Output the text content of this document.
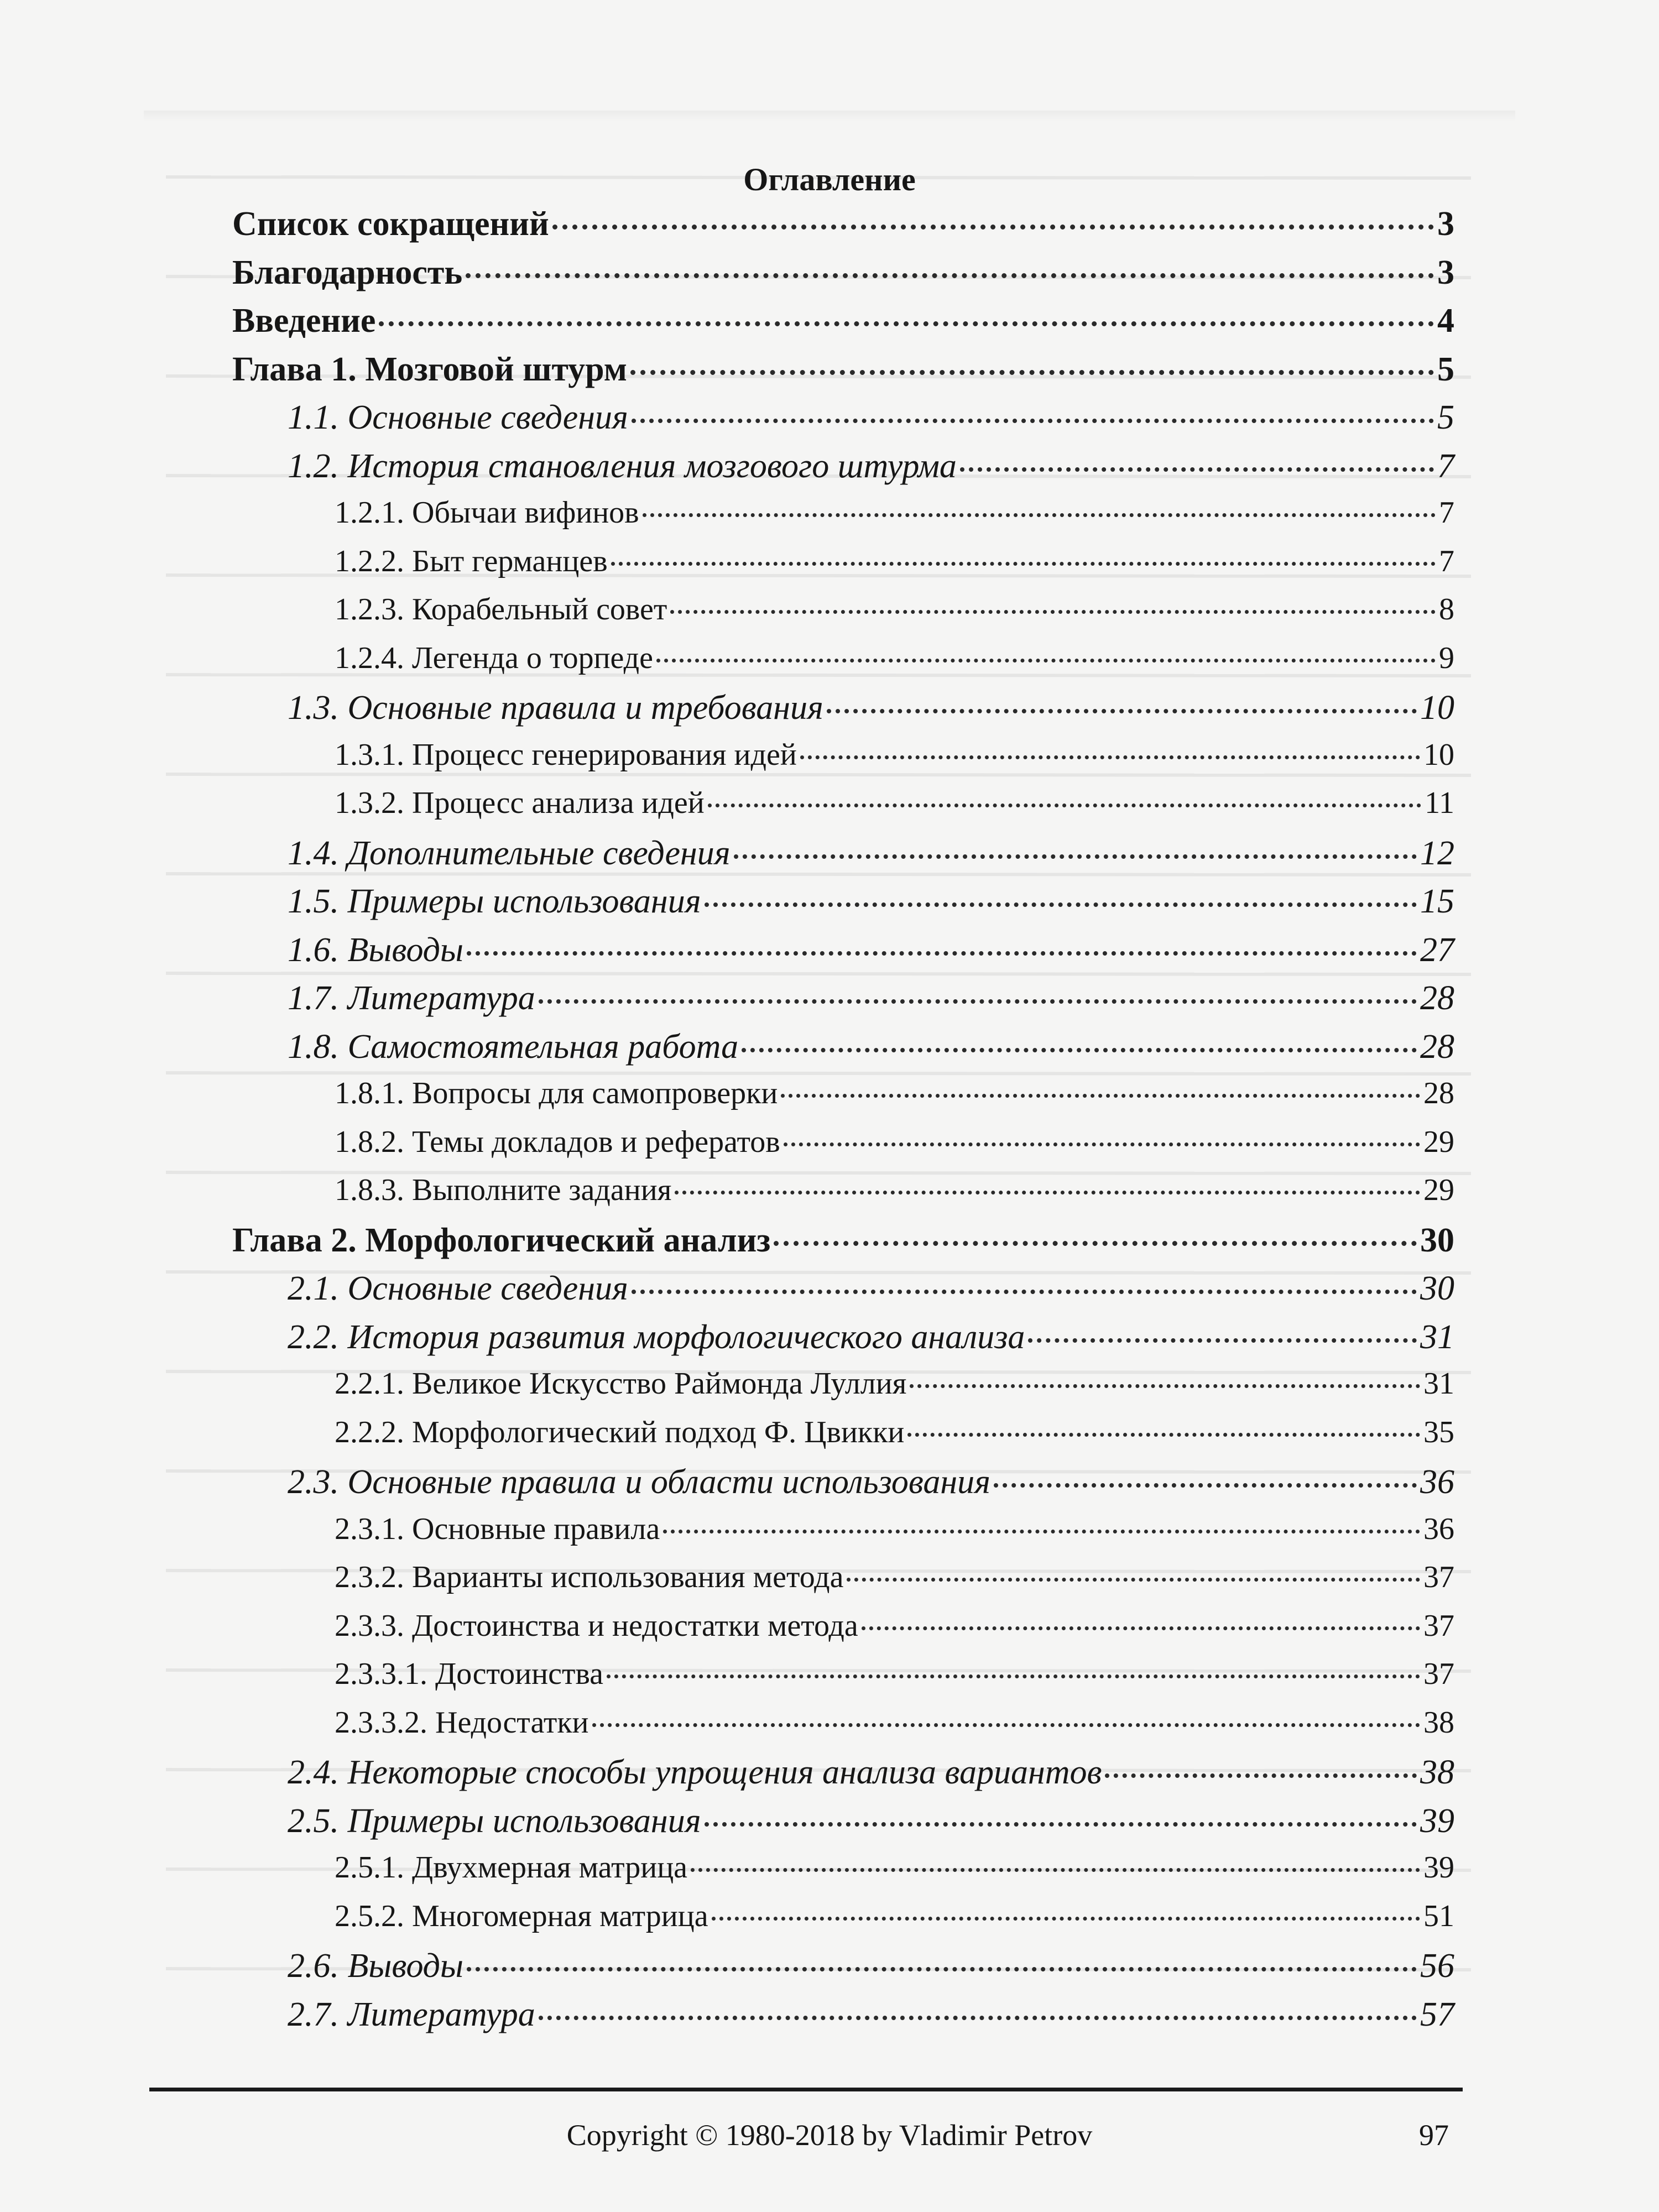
Оглавление
Список сокращений	3
Благодарность	3
Введение	4
Глава 1. Мозговой штурм	5
1.1. Основные сведения	5
1.2. История становления мозгового штурма	7
1.2.1. Обычаи вифинов	7
1.2.2. Быт германцев	7
1.2.3. Корабельный совет	8
1.2.4. Легенда о торпеде	9
1.3. Основные правила и требования	10
1.3.1. Процесс генерирования идей	10
1.3.2. Процесс анализа идей	11
1.4. Дополнительные сведения	12
1.5. Примеры использования	15
1.6. Выводы	27
1.7. Литература	28
1.8. Самостоятельная работа	28
1.8.1. Вопросы для самопроверки	28
1.8.2. Темы докладов и рефератов	29
1.8.3. Выполните задания	29
Глава 2. Морфологический анализ	30
2.1. Основные сведения	30
2.2. История развития морфологического анализа	31
2.2.1. Великое Искусство Раймонда Луллия	31
2.2.2. Морфологический подход Ф. Цвикки	35
2.3. Основные правила и области использования	36
2.3.1. Основные правила	36
2.3.2. Варианты использования метода	37
2.3.3. Достоинства и недостатки метода	37
2.3.3.1. Достоинства	37
2.3.3.2. Недостатки	38
2.4. Некоторые способы упрощения анализа вариантов	38
2.5. Примеры использования	39
2.5.1. Двухмерная матрица	39
2.5.2. Многомерная матрица	51
2.6. Выводы	56
2.7. Литература	57
Copyright © 1980-2018 by Vladimir Petrov	97
